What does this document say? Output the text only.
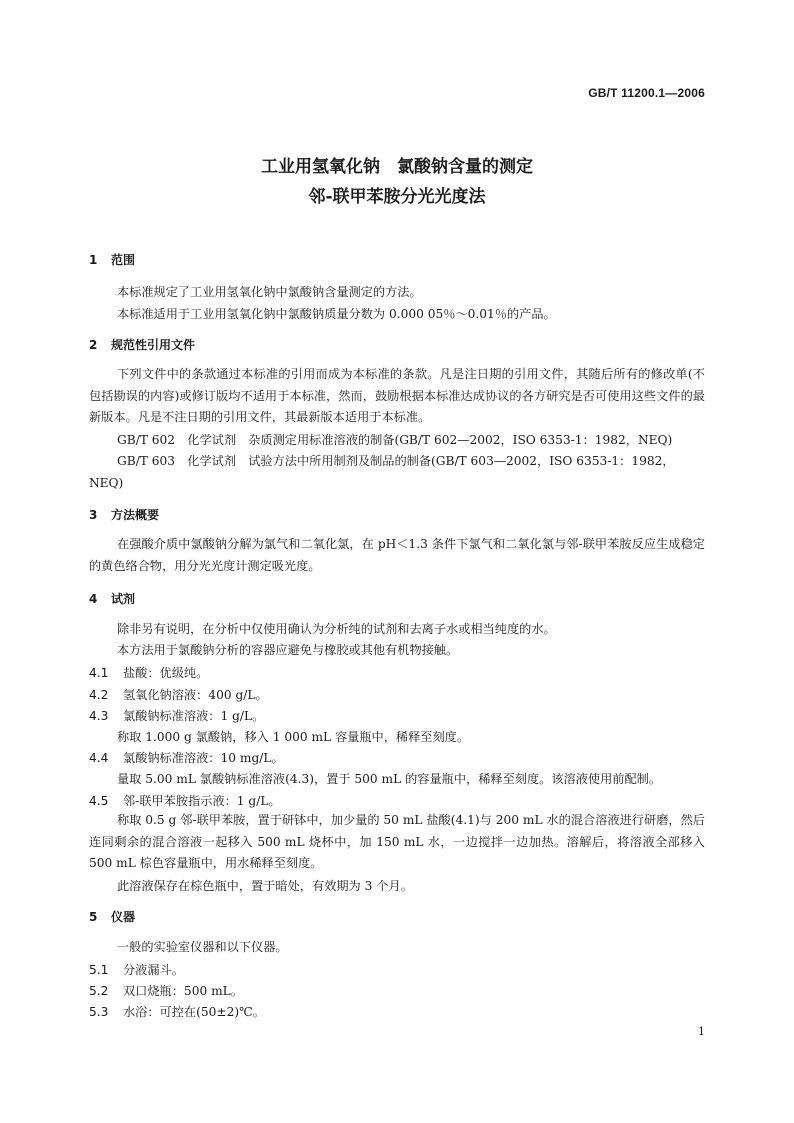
GB/T 11200.1—2006
工业用氢氧化钠　氯酸钠含量的测定
邻-联甲苯胺分光光度法
1 范围
本标准规定了工业用氢氧化钠中氯酸钠含量测定的方法。
本标准适用于工业用氢氧化钠中氯酸钠质量分数为 0.000 05％～0.01％的产品。
2 规范性引用文件
下列文件中的条款通过本标准的引用而成为本标准的条款。凡是注日期的引用文件，其随后所有的修改单(不包括勘误的内容)或修订版均不适用于本标准，然而，鼓励根据本标准达成协议的各方研究是否可使用这些文件的最新版本。凡是不注日期的引用文件，其最新版本适用于本标准。
GB/T 602　化学试剂　杂质测定用标准溶液的制备(GB/T 602—2002，ISO 6353-1：1982，NEQ)
GB/T 603　化学试剂　试验方法中所用制剂及制品的制备(GB/T 603—2002，ISO 6353-1：1982，NEQ)
3 方法概要
在强酸介质中氯酸钠分解为氯气和二氧化氯，在 pH＜1.3 条件下氯气和二氧化氯与邻-联甲苯胺反应生成稳定的黄色络合物，用分光光度计测定吸光度。
4 试剂
除非另有说明，在分析中仅使用确认为分析纯的试剂和去离子水或相当纯度的水。
本方法用于氯酸钠分析的容器应避免与橡胶或其他有机物接触。
4.1 盐酸：优级纯。
4.2 氢氧化钠溶液：400 g/L。
4.3 氯酸钠标准溶液：1 g/L。
称取 1.000 g 氯酸钠，移入 1 000 mL 容量瓶中，稀释至刻度。
4.4 氯酸钠标准溶液：10 mg/L。
量取 5.00 mL 氯酸钠标准溶液(4.3)，置于 500 mL 的容量瓶中，稀释至刻度。该溶液使用前配制。
4.5 邻-联甲苯胺指示液：1 g/L。
称取 0.5 g 邻-联甲苯胺，置于研钵中，加少量的 50 mL 盐酸(4.1)与 200 mL 水的混合溶液进行研磨，然后连同剩余的混合溶液一起移入 500 mL 烧杯中，加 150 mL 水，一边搅拌一边加热。溶解后，将溶液全部移入 500 mL 棕色容量瓶中，用水稀释至刻度。
此溶液保存在棕色瓶中，置于暗处，有效期为 3 个月。
5 仪器
一般的实验室仪器和以下仪器。
5.1 分液漏斗。
5.2 双口烧瓶：500 mL。
5.3 水浴：可控在(50±2)℃。
1
